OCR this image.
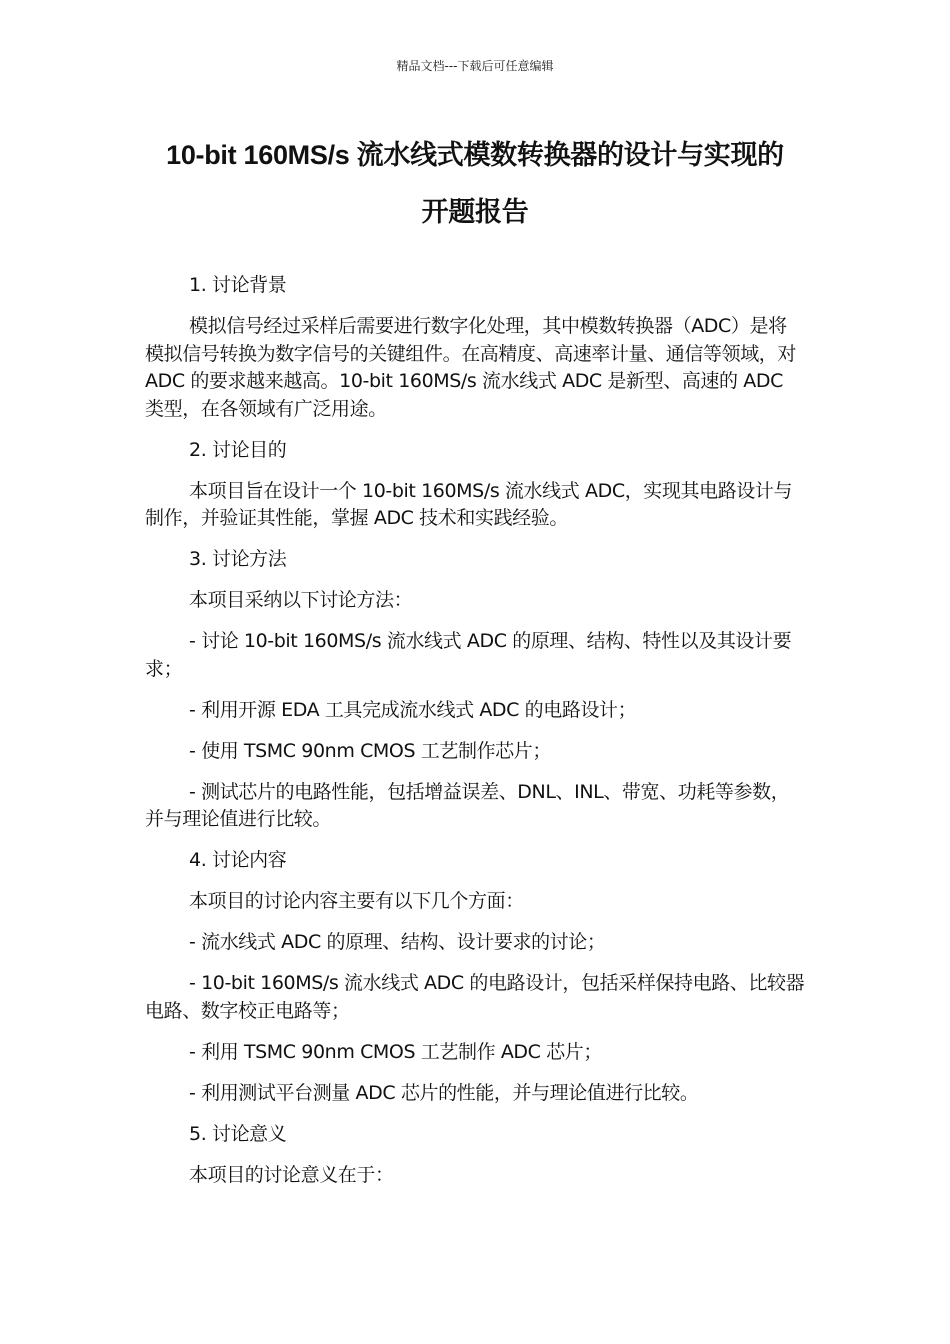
精品文档---下载后可任意编辑
10-bit 160MS/s 流水线式模数转换器的设计与实现的
开题报告

1. 讨论背景

模拟信号经过采样后需要进行数字化处理，其中模数转换器（ADC）是将模拟信号转换为数字信号的关键组件。在高精度、高速率计量、通信等领域，对 ADC 的要求越来越高。10-bit 160MS/s 流水线式 ADC 是新型、高速的 ADC 类型，在各领域有广泛用途。

2. 讨论目的

本项目旨在设计一个 10-bit 160MS/s 流水线式 ADC，实现其电路设计与制作，并验证其性能，掌握 ADC 技术和实践经验。

3. 讨论方法

本项目采纳以下讨论方法：

- 讨论 10-bit 160MS/s 流水线式 ADC 的原理、结构、特性以及其设计要求；

- 利用开源 EDA 工具完成流水线式 ADC 的电路设计；

- 使用 TSMC 90nm CMOS 工艺制作芯片；

- 测试芯片的电路性能，包括增益误差、DNL、INL、带宽、功耗等参数，并与理论值进行比较。

4. 讨论内容

本项目的讨论内容主要有以下几个方面：

- 流水线式 ADC 的原理、结构、设计要求的讨论；

- 10-bit 160MS/s 流水线式 ADC 的电路设计，包括采样保持电路、比较器电路、数字校正电路等；

- 利用 TSMC 90nm CMOS 工艺制作 ADC 芯片；

- 利用测试平台测量 ADC 芯片的性能，并与理论值进行比较。

5. 讨论意义

本项目的讨论意义在于：
